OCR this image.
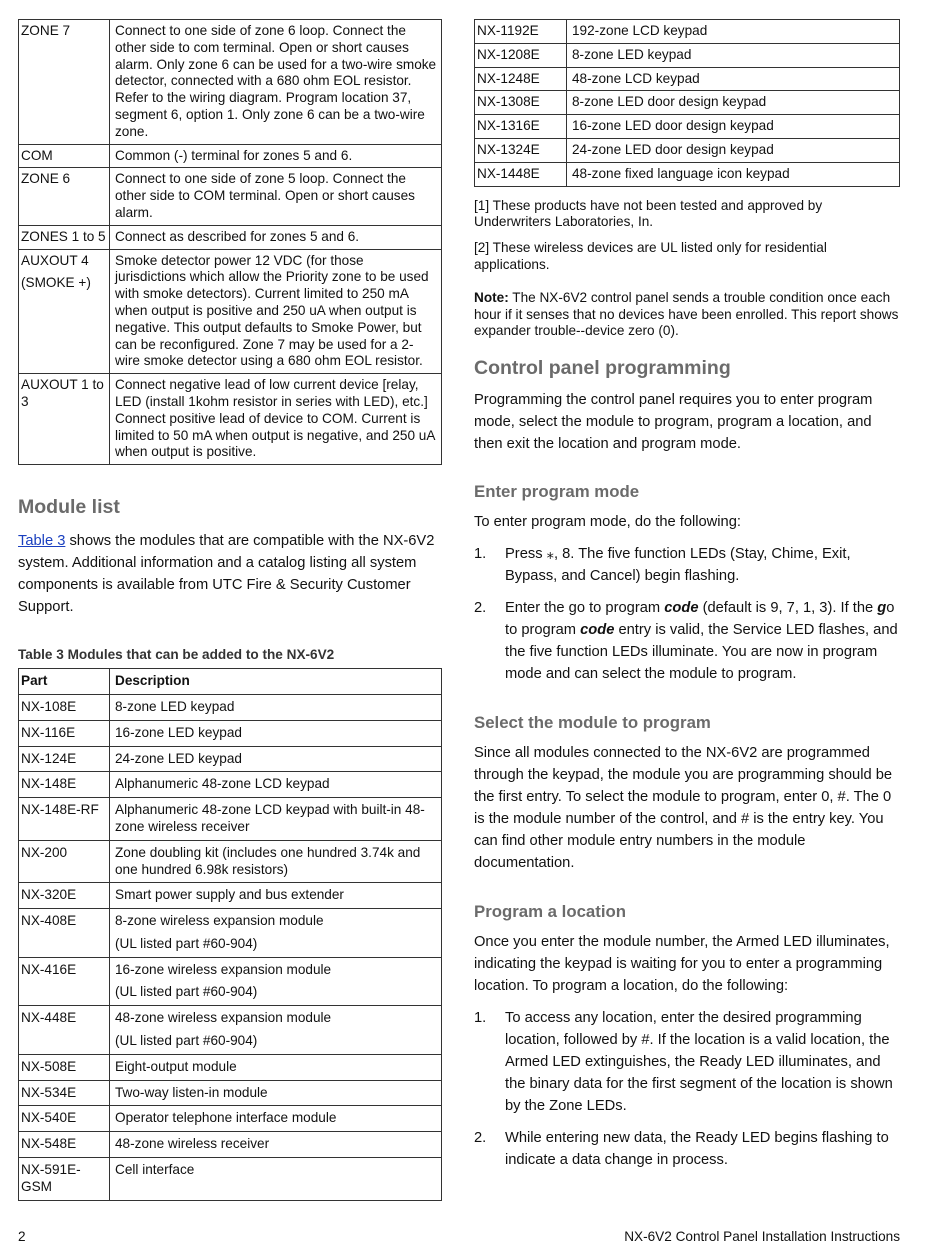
ZONE 7	Connect to one side of zone 6 loop. Connect the other side to com terminal. Open or short causes alarm. Only zone 6 can be used for a two-wire smoke detector, connected with a 680 ohm EOL resistor. Refer to the wiring diagram. Program location 37, segment 6, option 1. Only zone 6 can be a two-wire zone.

COM	Common (-) terminal for zones 5 and 6.

ZONE 6	Connect to one side of zone 5 loop. Connect the other side to COM terminal. Open or short causes alarm.

ZONES 1 to 5	Connect as described for zones 5 and 6.

AUXOUT 4
(SMOKE +)	Smoke detector power 12 VDC (for those jurisdictions which allow the Priority zone to be used with smoke detectors). Current limited to 250 mA when output is positive and 250 uA when output is negative. This output defaults to Smoke Power, but can be reconfigured. Zone 7 may be used for a 2-wire smoke detector using a 680 ohm EOL resistor.

AUXOUT 1 to 3	Connect negative lead of low current device [relay, LED (install 1kohm resistor in series with LED), etc.] Connect positive lead of device to COM. Current is limited to 50 mA when output is negative, and 250 uA when output is positive.
Module list

Table 3 shows the modules that are compatible with the NX-6V2 system. Additional information and a catalog listing all system components is available from UTC Fire & Security Customer Support.

Table 3 Modules that can be added to the NX-6V2

Part	Description
NX-108E	8-zone LED keypad

NX-116E	16-zone LED keypad

NX-124E	24-zone LED keypad

NX-148E	Alphanumeric 48-zone LCD keypad

NX-148E-RF	Alphanumeric 48-zone LCD keypad with built-in 48-zone wireless receiver

NX-200	Zone doubling kit (includes one hundred 3.74k and one hundred 6.98k resistors)

NX-320E	Smart power supply and bus extender

NX-408E	8-zone wireless expansion module
(UL listed part #60-904)

NX-416E	16-zone wireless expansion module
(UL listed part #60-904)

NX-448E	48-zone wireless expansion module
(UL listed part #60-904)

NX-508E	Eight-output module

NX-534E	Two-way listen-in module

NX-540E	Operator telephone interface module

NX-548E	48-zone wireless receiver

NX-591E-GSM	Cell interface
NX-1192E	192-zone LCD keypad
NX-1208E	8-zone LED keypad
NX-1248E	48-zone LCD keypad
NX-1308E	8-zone LED door design keypad
NX-1316E	16-zone LED door design keypad
NX-1324E	24-zone LED door design keypad
NX-1448E	48-zone fixed language icon keypad

[1] These products have not been tested and approved by Underwriters Laboratories, In.

[2] These wireless devices are UL listed only for residential applications.

Note: The NX-6V2 control panel sends a trouble condition once each hour if it senses that no devices have been enrolled. This report shows expander trouble--device zero (0).

Control panel programming

Programming the control panel requires you to enter program mode, select the module to program, program a location, and then exit the location and program mode.

Enter program mode

To enter program mode, do the following:

1. Press ⁎, 8. The five function LEDs (Stay, Chime, Exit, Bypass, and Cancel) begin flashing.
2. Enter the go to program code (default is 9, 7, 1, 3). If the go to program code entry is valid, the Service LED flashes, and the five function LEDs illuminate. You are now in program mode and can select the module to program.
Select the module to program

Since all modules connected to the NX-6V2 are programmed through the keypad, the module you are programming should be the first entry. To select the module to program, enter 0, #. The 0 is the module number of the control, and # is the entry key. You can find other module entry numbers in the module documentation.

Program a location

Once you enter the module number, the Armed LED illuminates, indicating the keypad is waiting for you to enter a programming location. To program a location, do the following:

1. To access any location, enter the desired programming location, followed by #. If the location is a valid location, the Armed LED extinguishes, the Ready LED illuminates, and the binary data for the first segment of the location is shown by the Zone LEDs.
2. While entering new data, the Ready LED begins flashing to indicate a data change in process.
2	NX-6V2 Control Panel Installation Instructions
